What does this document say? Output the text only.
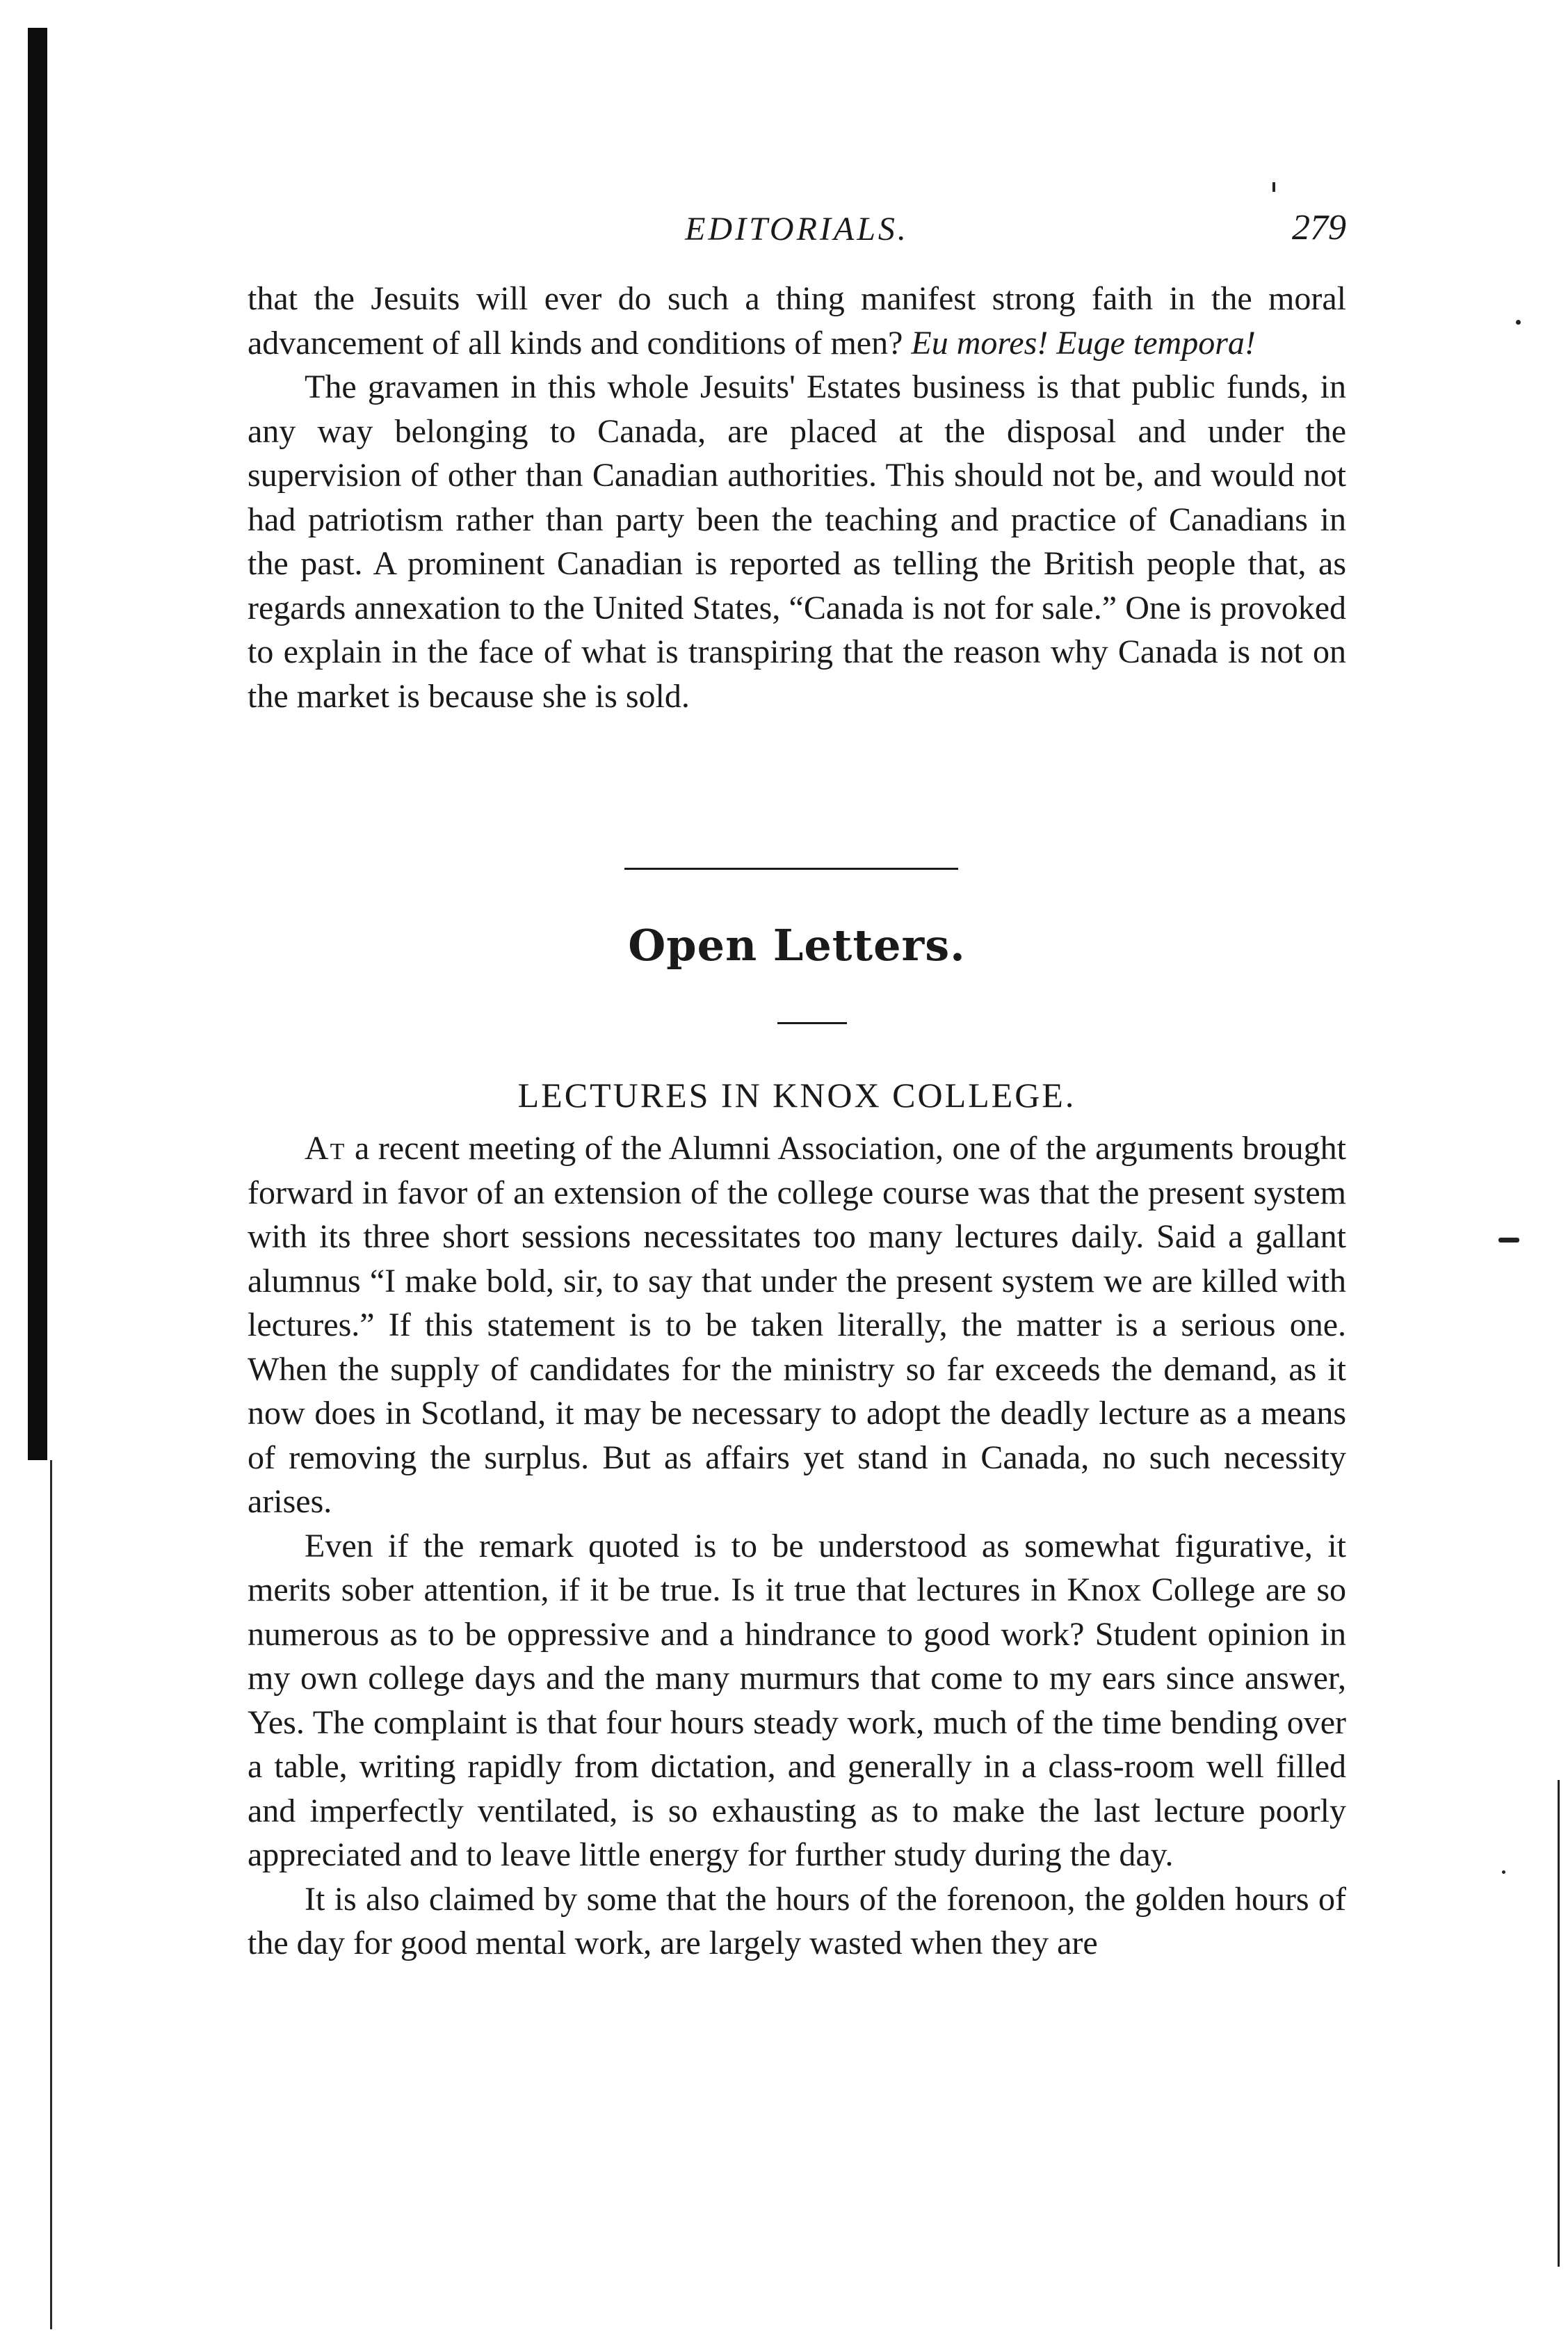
EDITORIALS.	279

that the Jesuits will ever do such a thing manifest strong faith in the moral advancement of all kinds and conditions of men? Eu mores! Euge tempora!

The gravamen in this whole Jesuits' Estates business is that public funds, in any way belonging to Canada, are placed at the disposal and under the supervision of other than Canadian authorities. This should not be, and would not had patriotism rather than party been the teaching and practice of Canadians in the past. A prominent Canadian is reported as telling the British people that, as regards annexation to the United States, “Canada is not for sale.” One is provoked to explain in the face of what is transpiring that the reason why Canada is not on the market is because she is sold.

Open Letters.
LECTURES IN KNOX COLLEGE.

At a recent meeting of the Alumni Association, one of the arguments brought forward in favor of an extension of the college course was that the present system with its three short sessions necessitates too many lectures daily. Said a gallant alumnus “I make bold, sir, to say that under the present system we are killed with lectures.” If this statement is to be taken literally, the matter is a serious one. When the supply of candidates for the ministry so far exceeds the demand, as it now does in Scotland, it may be necessary to adopt the deadly lecture as a means of removing the surplus. But as affairs yet stand in Canada, no such necessity arises.

Even if the remark quoted is to be understood as somewhat figurative, it merits sober attention, if it be true. Is it true that lectures in Knox College are so numerous as to be oppressive and a hindrance to good work? Student opinion in my own college days and the many murmurs that come to my ears since answer, Yes. The complaint is that four hours steady work, much of the time bending over a table, writing rapidly from dictation, and generally in a class-room well filled and imperfectly ventilated, is so exhausting as to make the last lecture poorly appreciated and to leave little energy for further study during the day.

It is also claimed by some that the hours of the forenoon, the golden hours of the day for good mental work, are largely wasted when they are
